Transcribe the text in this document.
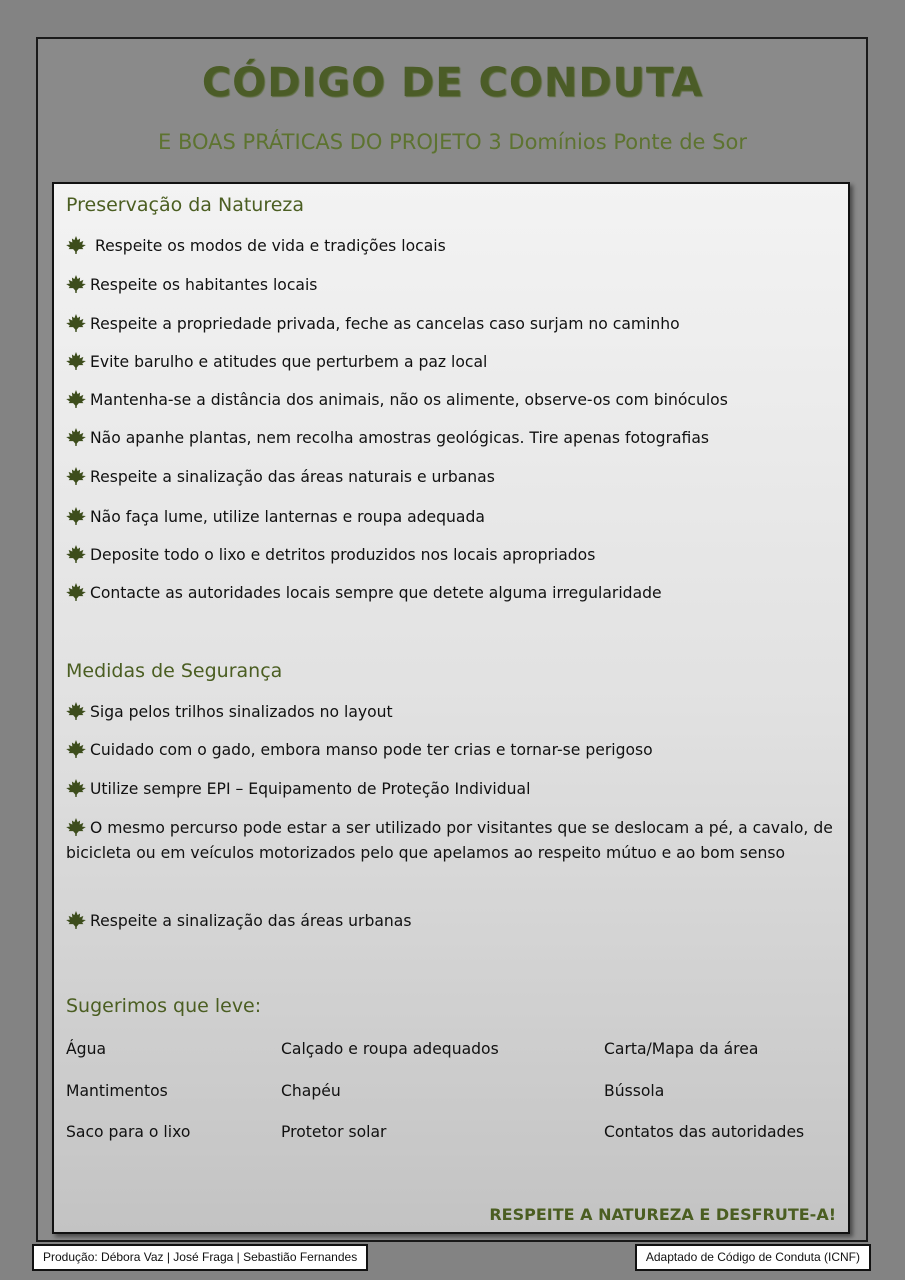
CÓDIGO DE CONDUTA
E BOAS PRÁTICAS DO PROJETO 3 Domínios Ponte de Sor
Preservação da Natureza
Respeite os modos de vida e tradições locais
Respeite os habitantes locais
Respeite a propriedade privada, feche as cancelas caso surjam no caminho
Evite barulho e atitudes que perturbem a paz local
Mantenha-se a distância dos animais, não os alimente, observe-os com binóculos
Não apanhe plantas, nem recolha amostras geológicas. Tire apenas fotografias
Respeite a sinalização das áreas naturais e urbanas
Não faça lume, utilize lanternas e roupa adequada
Deposite todo o lixo e detritos produzidos nos locais apropriados
Contacte as autoridades locais sempre que detete alguma irregularidade
Medidas de Segurança
Siga pelos trilhos sinalizados no layout
Cuidado com o gado, embora manso pode ter crias e tornar-se perigoso
Utilize sempre EPI – Equipamento de Proteção Individual
O mesmo percurso pode estar a ser utilizado por visitantes que se deslocam a pé, a cavalo, de bicicleta ou em veículos motorizados pelo que apelamos ao respeito mútuo e ao bom senso
Respeite a sinalização das áreas urbanas
Sugerimos que leve:
Água
Mantimentos
Saco para o lixo
Calçado e roupa adequados
Chapéu
Protetor solar
Carta/Mapa da área
Bússola
Contatos das autoridades
RESPEITE A NATUREZA E DESFRUTE-A!
Produção: Débora Vaz | José Fraga | Sebastião Fernandes	Adaptado de Código de Conduta (ICNF)
